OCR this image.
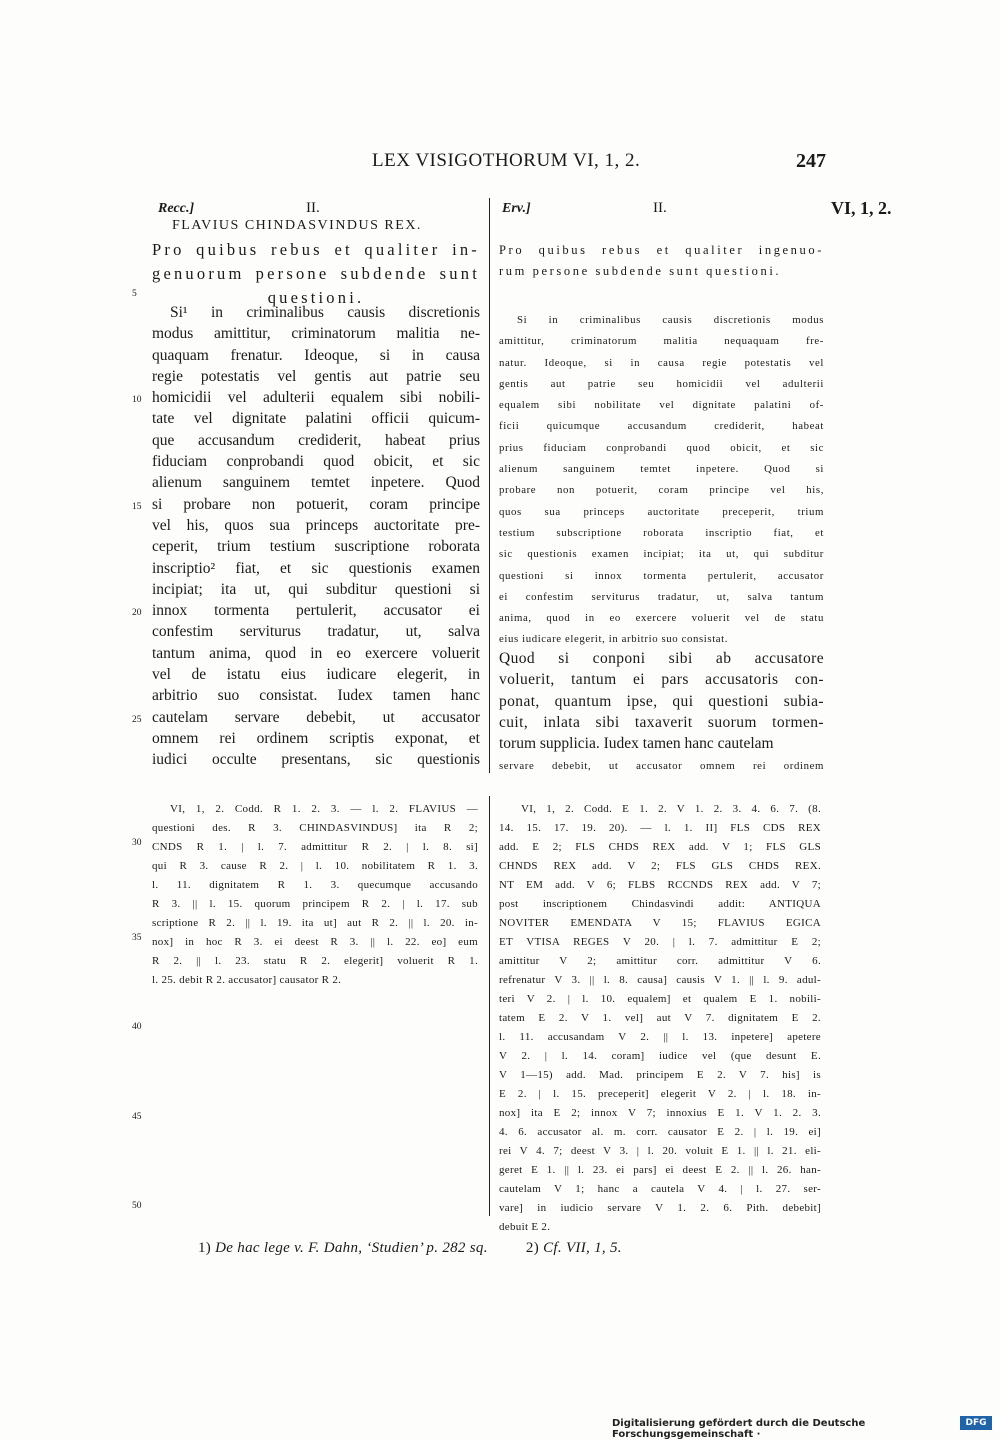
LEX VISIGOTHORUM VI, 1, 2.	247
Recc.]	II.
FLAVIUS CHINDASVINDUS REX.
Erv.]	II.	VI, 1, 2.
Pro quibus rebus et qualiter in-
genuorum persone subdende sunt
questioni.
Pro quibus rebus et qualiter ingenuo-
rum persone subdende sunt questioni.
5
10
15
20
25
30
35
40
45
50
Si¹ in criminalibus causis discretionis
modus amittitur, criminatorum malitia ne-
quaquam frenatur. Ideoque, si in causa
regie potestatis vel gentis aut patrie seu
homicidii vel adulterii equalem sibi nobili-
tate vel dignitate palatini officii quicum-
que accusandum crediderit, habeat prius
fiduciam conprobandi quod obicit, et sic
alienum sanguinem temtet inpetere. Quod
si probare non potuerit, coram principe
vel his, quos sua princeps auctoritate pre-
ceperit, trium testium suscriptione roborata
inscriptio² fiat, et sic questionis examen
incipiat; ita ut, qui subditur questioni si
innox tormenta pertulerit, accusator ei
confestim serviturus tradatur, ut, salva
tantum anima, quod in eo exercere voluerit
vel de istatu eius iudicare elegerit, in
arbitrio suo consistat. Iudex tamen hanc
cautelam servare debebit, ut accusator
omnem rei ordinem scriptis exponat, et
iudici occulte presentans, sic questionis
Si in criminalibus causis discretionis modus
amittitur, criminatorum malitia nequaquam fre-
natur. Ideoque, si in causa regie potestatis vel
gentis aut patrie seu homicidii vel adulterii
equalem sibi nobilitate vel dignitate palatini of-
ficii quicumque accusandum crediderit, habeat
prius fiduciam conprobandi quod obicit, et sic
alienum sanguinem temtet inpetere. Quod si
probare non potuerit, coram principe vel his,
quos sua princeps auctoritate preceperit, trium
testium subscriptione roborata inscriptio fiat, et
sic questionis examen incipiat; ita ut, qui subditur
questioni si innox tormenta pertulerit, accusator
ei confestim serviturus tradatur, ut, salva tantum
anima, quod in eo exercere voluerit vel de statu
eius iudicare elegerit, in arbitrio suo consistat.
Quod si conponi sibi ab accusatore
voluerit, tantum ei pars accusatoris con-
ponat, quantum ipse, qui questioni subia-
cuit, inlata sibi taxaverit suorum tormen-
torum supplicia. Iudex tamen hanc cautelam
servare debebit, ut accusator omnem rei ordinem
VI, 1, 2. Codd. R 1. 2. 3. — l. 2. FLAVIUS —
questioni des. R 3. CHINDASVINDUS] ita R 2;
CNDS R 1. | l. 7. admittitur R 2. | l. 8. si]
qui R 3. cause R 2. | l. 10. nobilitatem R 1. 3.
l. 11. dignitatem R 1. 3. quecumque accusando
R 3. || l. 15. quorum principem R 2. | l. 17. sub
scriptione R 2. || l. 19. ita ut] aut R 2. || l. 20. in-
nox] in hoc R 3. ei deest R 3. || l. 22. eo] eum
R 2. || l. 23. statu R 2. elegerit] voluerit R 1.
l. 25. debit R 2. accusator] causator R 2.
VI, 1, 2. Codd. E 1. 2. V 1. 2. 3. 4. 6. 7. (8.
14. 15. 17. 19. 20). — l. 1. II] FLS CDS REX
add. E 2; FLS CHDS REX add. V 1; FLS GLS
CHNDS REX add. V 2; FLS GLS CHDS REX.
NT EM add. V 6; FLBS RCCNDS REX add. V 7;
post inscriptionem Chindasvindi addit: ANTIQUA
NOVITER EMENDATA V 15; FLAVIUS EGICA
ET VTISA REGES V 20. | l. 7. admittitur E 2;
amittitur V 2; amittitur corr. admittitur V 6.
refrenatur V 3. || l. 8. causa] causis V 1. || l. 9. adul-
teri V 2. | l. 10. equalem] et qualem E 1. nobili-
tatem E 2. V 1. vel] aut V 7. dignitatem E 2.
l. 11. accusandam V 2. || l. 13. inpetere] apetere
V 2. | l. 14. coram] iudice vel (que desunt E.
V 1—15) add. Mad. principem E 2. V 7. his] is
E 2. | l. 15. preceperit] elegerit V 2. | l. 18. in-
nox] ita E 2; innox V 7; innoxius E 1. V 1. 2. 3.
4. 6. accusator al. m. corr. causator E 2. | l. 19. ei]
rei V 4. 7; deest V 3. | l. 20. voluit E 1. || l. 21. eli-
geret E 1. || l. 23. ei pars] ei deest E 2. || l. 26. han-
cautelam V 1; hanc a cautela V 4. | l. 27. ser-
vare] in iudicio servare V 1. 2. 6. Pith. debebit]
debuit E 2.
1) De hac lege v. F. Dahn, ‘Studien’ p. 282 sq.	2) Cf. VII, 1, 5.
Digitalisierung gefördert durch die Deutsche Forschungsgemeinschaft ·
DFG
